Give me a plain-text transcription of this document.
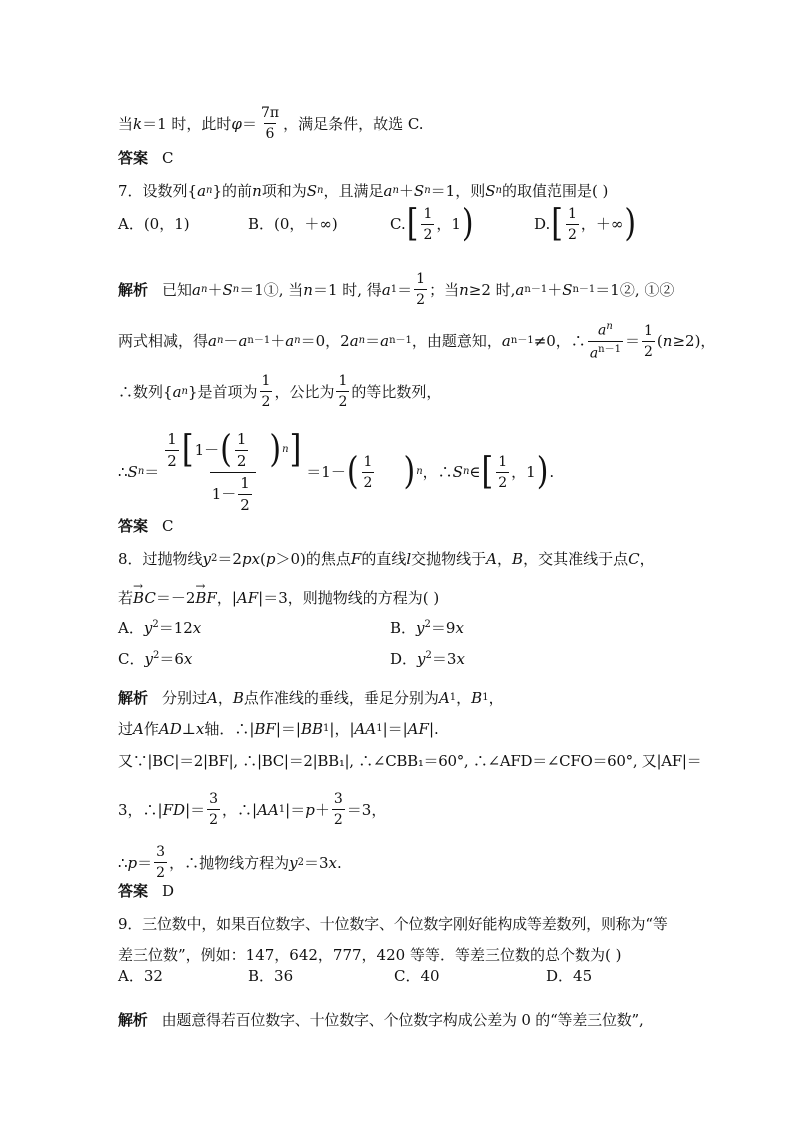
当 k ＝1 时，此时 $\varphi = \frac{7\pi}{6}$ ，满足条件，故选 C.
答案 C
7．设数列 { a n } 的前 n 项和为 S n ，且满足 a n ＋ S n ＝1，则 S n 的取值范围是( )
A．(0，1)	B．(0，＋∞)	C. [ $\frac{1}{2}$ ，1 )	D. [ $\frac{1}{2}$ ，＋∞ )
解析 已知 a n ＋ S n ＝1①, 当 n ＝1 时, 得 a $1 = \frac{1}{2}$ ；当 n ≥2 时, a n－1 ＋ S n－1 ＝1②, ①②
两式相减，得 a n － a n－1 ＋ a n ＝0，2 a n ＝ a n－1 ，由题意知， a n－1 ≠0，∴ $\frac{a^n}{a^{n-1}} = \frac{1}{2}$ ( n ≥2)，
∴数列 { a n } 是首项为 $\frac{1}{2}$ ，公比为 $\frac{1}{2}$ 的等比数列，
∴ S $n = \frac{\frac{1}{2} [ 1 - ( \frac{1}{2} ) n ]}{1 - \frac{1}{2}} =1-$ ( $\frac{1}{2}$ ) n ，∴ S n ∈ [ $\frac{1}{2}$ ，1 ) .
答案 C
8．过抛物线 y 2 ＝2 p x ( p ＞0)的焦点 F 的直线 l 交抛物线于 A ， B ，交其准线于点 C ，
若
→
BC ＝－2
→
BF ，| A F |＝3，则抛物线的方程为( )
A．$y^2=12x$	B．$y^2=9x$
C．$y^2=6x$	D．$y^2=3x$
解析 分别过 A ， B 点作准线的垂线，垂足分别为 A 1 ， B 1 ，
过 A 作 A D ⊥ x 轴．∴| B F |＝| B B 1 |，| A A 1 |＝| A F |.
又∵|BC|＝2|BF|, ∴|BC|＝2|BB₁|, ∴∠CBB₁＝60°, ∴∠AFD＝∠CFO＝60°, 又|AF|＝
3，∴| F D |＝ $\frac{3}{2}$ ，∴| A A 1 |＝ $p + \frac{3}{2} =3$，
∴ $p = \frac{3}{2}$ ，∴抛物线方程为 y 2 ＝3 x .
答案 D
9．三位数中，如果百位数字、十位数字、个位数字刚好能构成等差数列，则称为“等
差三位数”，例如：147，642，777，420 等等．等差三位数的总个数为( )
A．32	B．36	C．40	D．45
解析 由题意得若百位数字、十位数字、个位数字构成公差为 0 的“等差三位数”,
